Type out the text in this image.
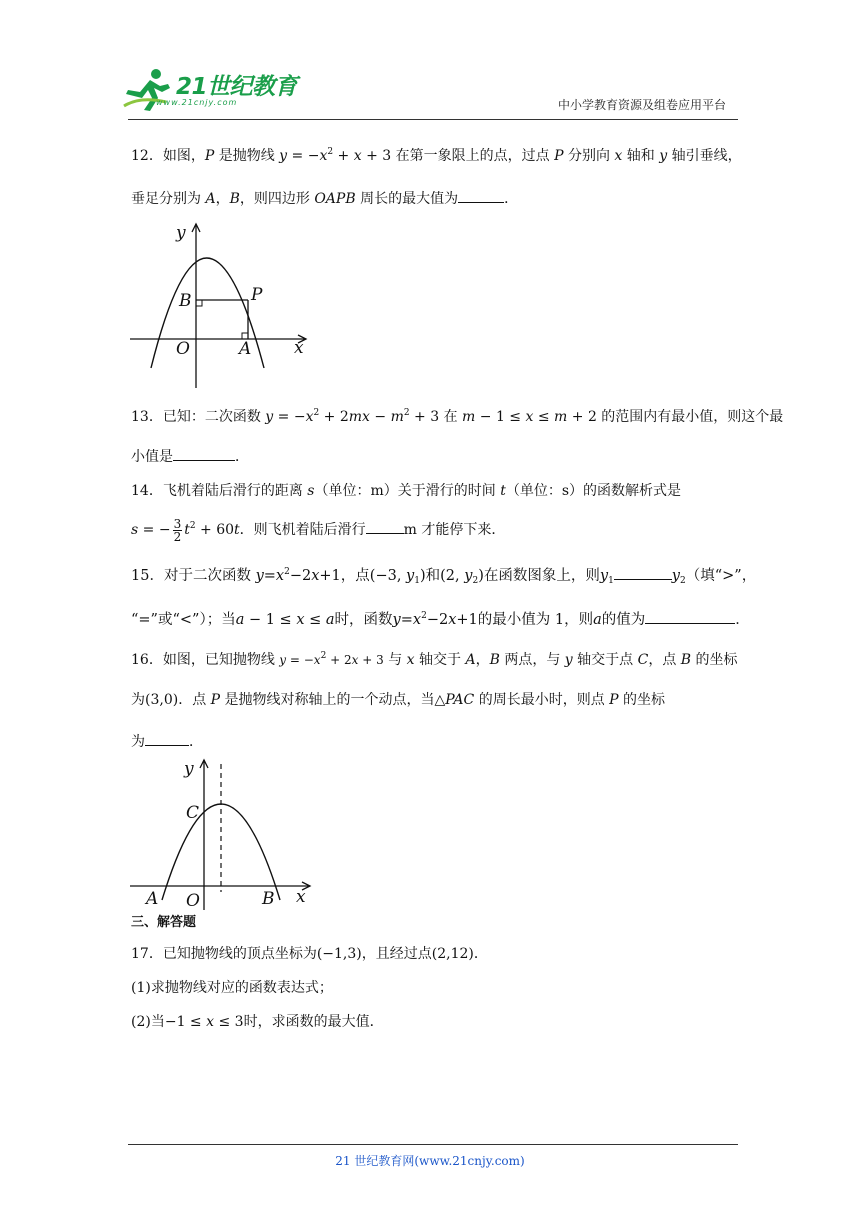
21世纪教育
www.21cnjy.com	中小学教育资源及组卷应用平台
12．如图，P 是抛物线 $y = -x^2 + x + 3$ 在第一象限上的点，过点 P 分别向 x 轴和 y 轴引垂线，
垂足分别为 A，B，则四边形 OAPB 周长的最大值为	．
y
B	P
O	A	x
13．已知：二次函数 $y = -x^2 + 2mx - m^2 + 3$ 在 m − 1 ≤ x ≤ m + 2 的范围内有最小值，则这个最
小值是	．
14．飞机着陆后滑行的距离 s（单位：m）关于滑行的时间 t（单位：s）的函数解析式是
s = − $\frac{3}{2} t^2 + 60t$．则飞机着陆后滑行	m 才能停下来．
15．对于二次函数 $y=x^2-2x+1$，点(−3, $y_1$)和(2, $y_2$)在函数图象上，则$y_1$	$y_2$（填“>”，
“=”或“<”）；当a − 1 ≤ x ≤ a时，函数$y=x^2-2x+1$的最小值为 1，则a的值为	．
16．如图，已知抛物线 $y = -x^2 + 2x + 3$ 与 x 轴交于 A，B 两点，与 y 轴交于点 C，点 B 的坐标
为(3,0)．点 P 是抛物线对称轴上的一个动点，当△PAC 的周长最小时，则点 P 的坐标
为	．
y
C
A O	B x
三、解答题
17．已知抛物线的顶点坐标为(−1,3)，且经过点(2,12)．
(1)求抛物线对应的函数表达式；
(2)当−1 ≤ x ≤ 3时，求函数的最大值．
21 世纪教育网(www.21cnjy.com)
